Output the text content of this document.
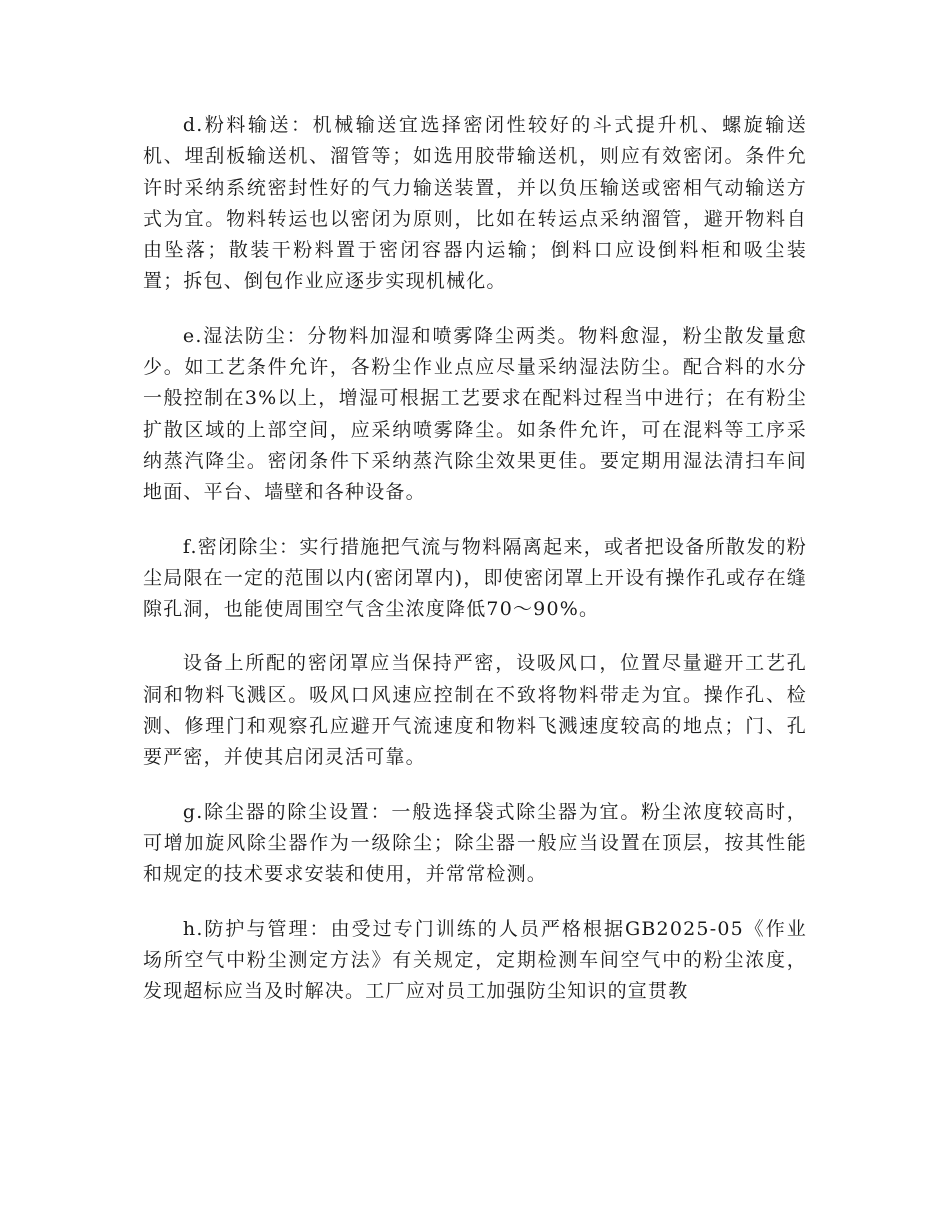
d.粉料输送：机械输送宜选择密闭性较好的斗式提升机、螺旋输送机、埋刮板输送机、溜管等；如选用胶带输送机，则应有效密闭。条件允许时采纳系统密封性好的气力输送装置，并以负压输送或密相气动输送方式为宜。物料转运也以密闭为原则，比如在转运点采纳溜管，避开物料自由坠落；散装干粉料置于密闭容器内运输；倒料口应设倒料柜和吸尘装置；拆包、倒包作业应逐步实现机械化。

e.湿法防尘：分物料加湿和喷雾降尘两类。物料愈湿，粉尘散发量愈少。如工艺条件允许，各粉尘作业点应尽量采纳湿法防尘。配合料的水分一般控制在3%以上，增湿可根据工艺要求在配料过程当中进行；在有粉尘扩散区域的上部空间，应采纳喷雾降尘。如条件允许，可在混料等工序采纳蒸汽降尘。密闭条件下采纳蒸汽除尘效果更佳。要定期用湿法清扫车间地面、平台、墙壁和各种设备。

f.密闭除尘：实行措施把气流与物料隔离起来，或者把设备所散发的粉尘局限在一定的范围以内(密闭罩内)，即使密闭罩上开设有操作孔或存在缝隙孔洞，也能使周围空气含尘浓度降低70～90%。

设备上所配的密闭罩应当保持严密，设吸风口，位置尽量避开工艺孔洞和物料飞溅区。吸风口风速应控制在不致将物料带走为宜。操作孔、检测、修理门和观察孔应避开气流速度和物料飞溅速度较高的地点；门、孔要严密，并使其启闭灵活可靠。

g.除尘器的除尘设置：一般选择袋式除尘器为宜。粉尘浓度较高时，可增加旋风除尘器作为一级除尘；除尘器一般应当设置在顶层，按其性能和规定的技术要求安装和使用，并常常检测。

h.防护与管理：由受过专门训练的人员严格根据GB2025-05《作业场所空气中粉尘测定方法》有关规定，定期检测车间空气中的粉尘浓度，发现超标应当及时解决。工厂应对员工加强防尘知识的宣贯教
